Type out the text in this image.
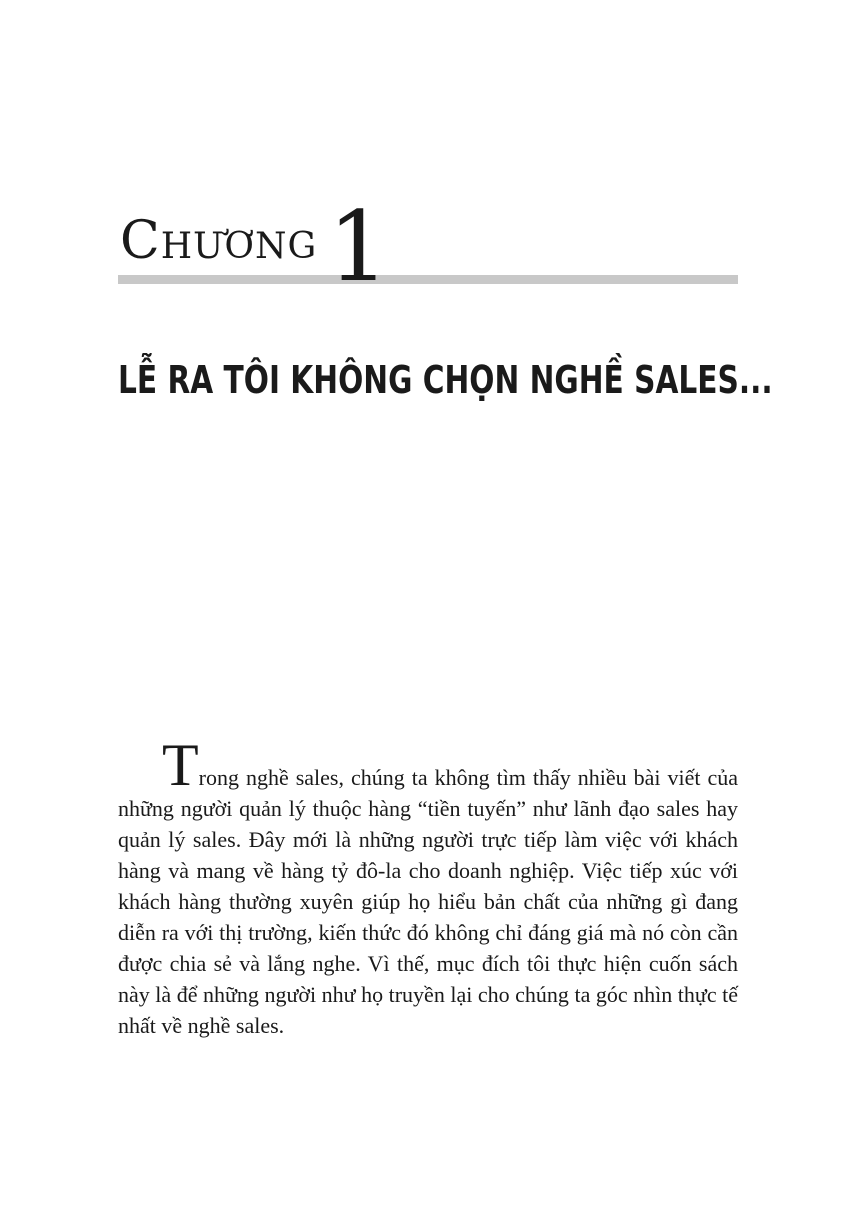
Chương 1
LỄ RA TÔI KHÔNG CHỌN NGHỀ SALES...

Trong nghề sales, chúng ta không tìm thấy nhiều bài viết của những người quản lý thuộc hàng “tiền tuyến” như lãnh đạo sales hay quản lý sales. Đây mới là những người trực tiếp làm việc với khách hàng và mang về hàng tỷ đô-la cho doanh nghiệp. Việc tiếp xúc với khách hàng thường xuyên giúp họ hiểu bản chất của những gì đang diễn ra với thị trường, kiến thức đó không chỉ đáng giá mà nó còn cần được chia sẻ và lắng nghe. Vì thế, mục đích tôi thực hiện cuốn sách này là để những người như họ truyền lại cho chúng ta góc nhìn thực tế nhất về nghề sales.
